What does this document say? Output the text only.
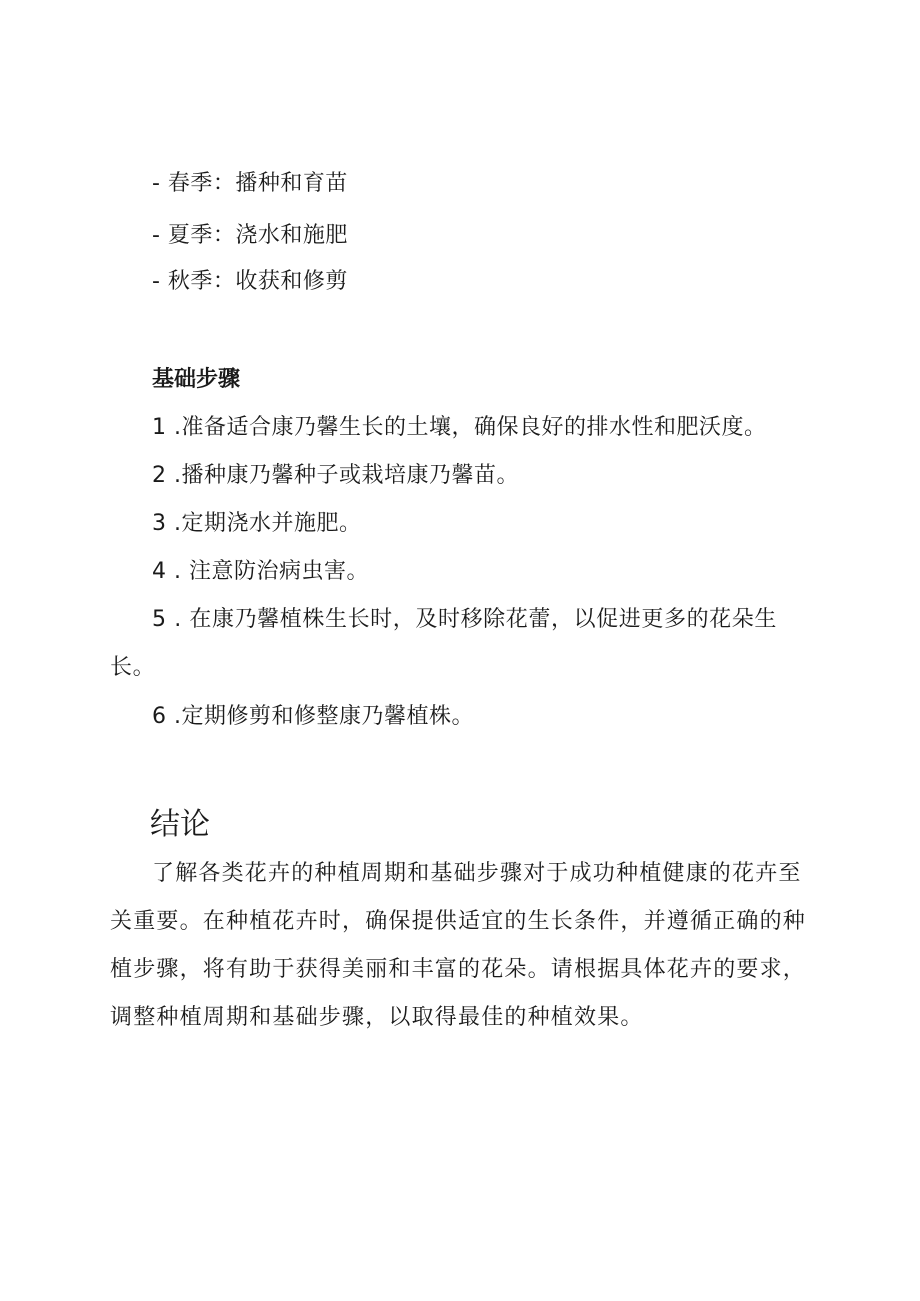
- 春季：播种和育苗
- 夏季：浇水和施肥
- 秋季：收获和修剪
基础步骤
1 .准备适合康乃馨生长的土壤，确保良好的排水性和肥沃度。
2 .播种康乃馨种子或栽培康乃馨苗。
3 .定期浇水并施肥。
4 . 注意防治病虫害。
5 . 在康乃馨植株生长时，及时移除花蕾，以促进更多的花朵生长。
6 .定期修剪和修整康乃馨植株。
结论
了解各类花卉的种植周期和基础步骤对于成功种植健康的花卉至关重要。在种植花卉时，确保提供适宜的生长条件，并遵循正确的种植步骤，将有助于获得美丽和丰富的花朵。请根据具体花卉的要求，调整种植周期和基础步骤，以取得最佳的种植效果。
